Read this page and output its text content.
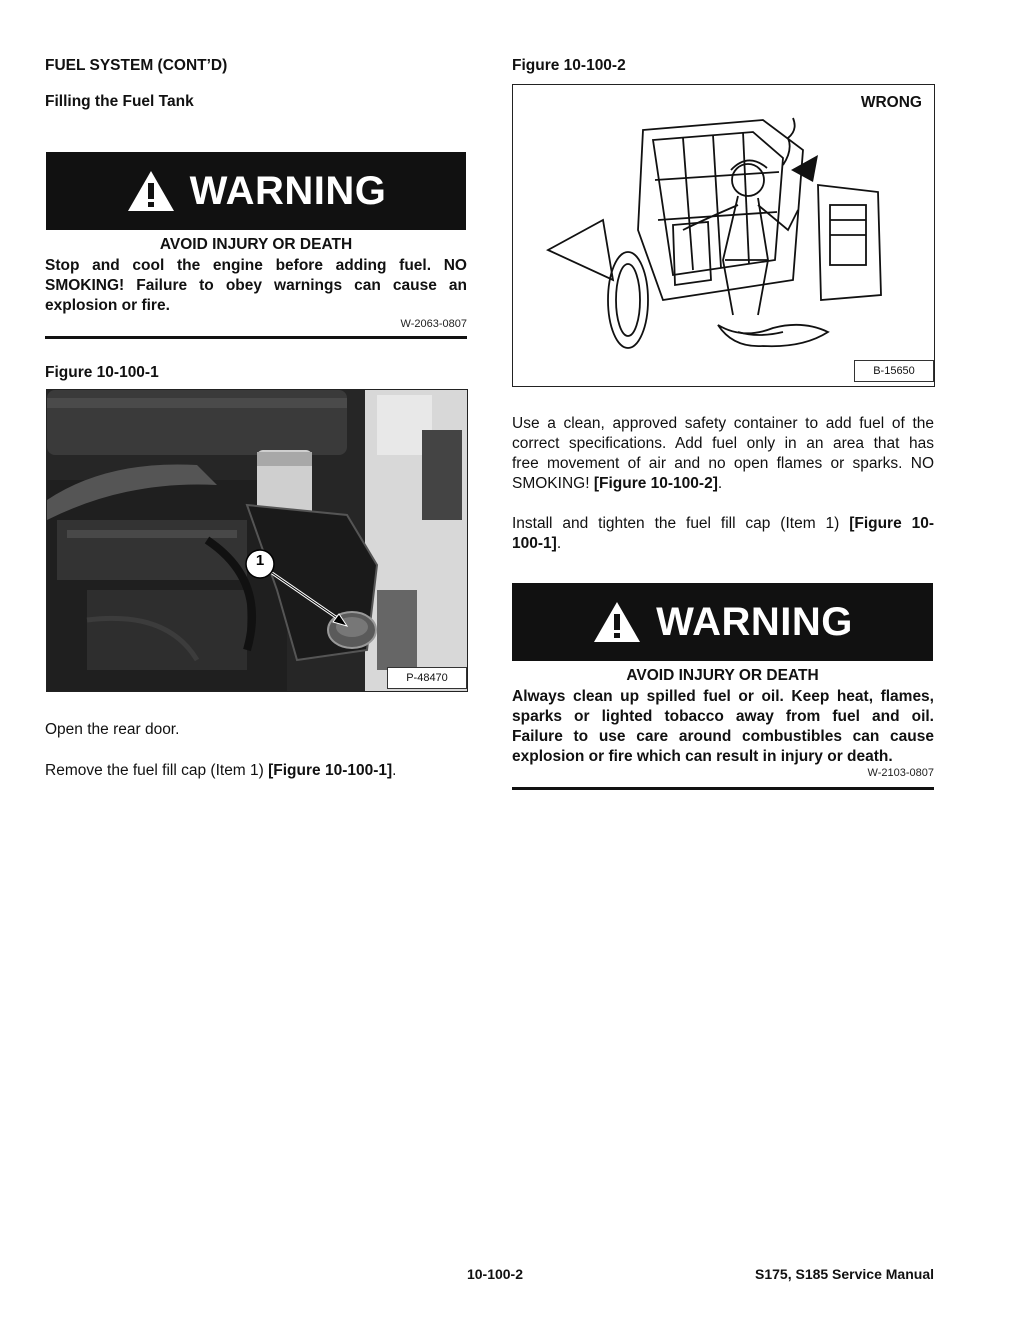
FUEL SYSTEM (CONT’D)
Filling the Fuel Tank
WARNING
AVOID INJURY OR DEATH
Stop and cool the engine before adding fuel. NO
SMOKING! Failure to obey warnings can cause an
explosion or fire.
W-2063-0807
Figure 10-100-1
1
P-48470
Open the rear door.
Remove the fuel fill cap (Item 1) [Figure 10-100-1].
Figure 10-100-2
WRONG
B-15650
Use a clean, approved safety container to add fuel of the
correct specifications. Add fuel only in an area that has
free movement of air and no open flames or sparks. NO
SMOKING! [Figure 10-100-2].
Install and tighten the fuel fill cap (Item 1) [Figure 10-
100-1].
WARNING
AVOID INJURY OR DEATH
Always clean up spilled fuel or oil. Keep heat, flames,
sparks or lighted tobacco away from fuel and oil.
Failure to use care around combustibles can cause
explosion or fire which can result in injury or death.
W-2103-0807
10-100-2	S175, S185 Service Manual
